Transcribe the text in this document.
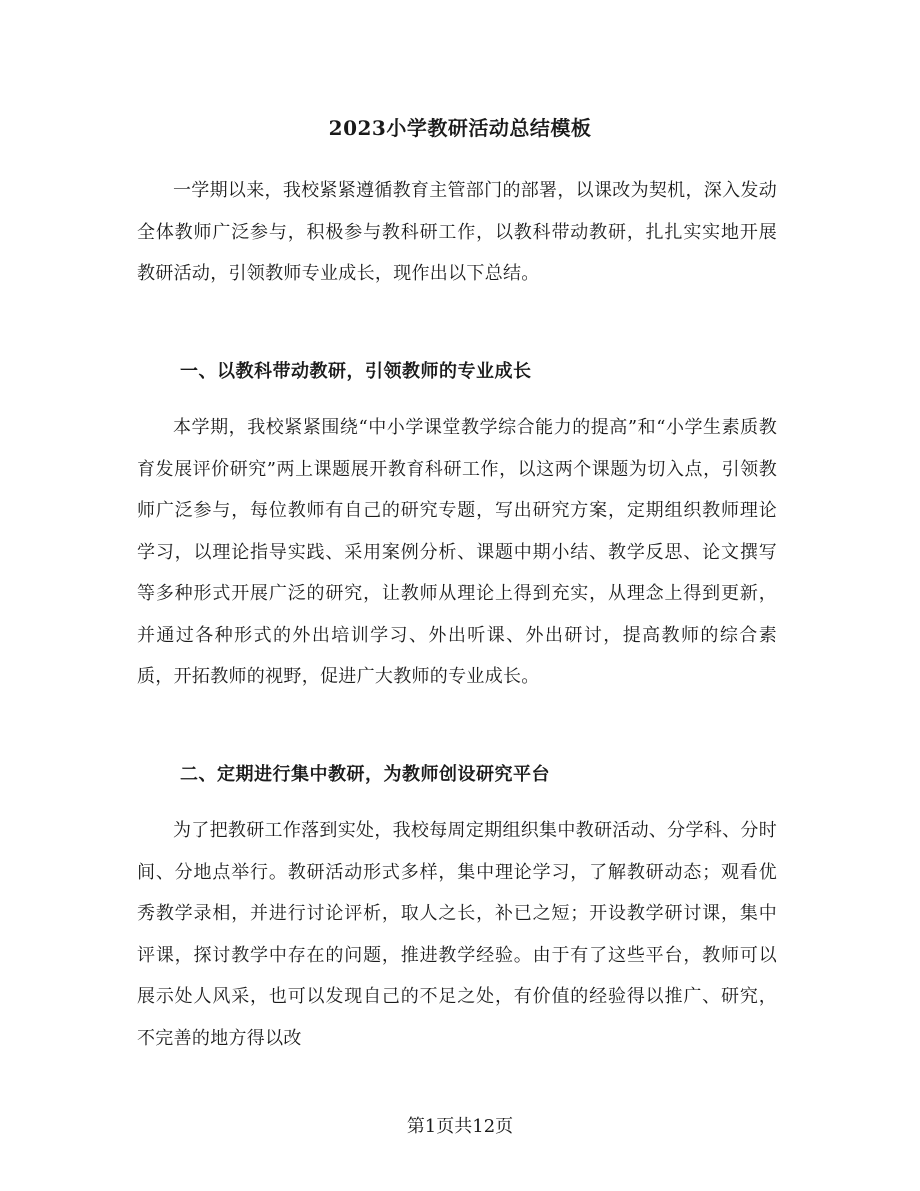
2023小学教研活动总结模板

一学期以来，我校紧紧遵循教育主管部门的部署，以课改为契机，深入发动全体教师广泛参与，积极参与教科研工作，以教科带动教研，扎扎实实地开展教研活动，引领教师专业成长，现作出以下总结。

一、以教科带动教研，引领教师的专业成长

本学期，我校紧紧围绕“中小学课堂教学综合能力的提高”和“小学生素质教育发展评价研究”两上课题展开教育科研工作，以这两个课题为切入点，引领教师广泛参与，每位教师有自己的研究专题，写出研究方案，定期组织教师理论学习，以理论指导实践、采用案例分析、课题中期小结、教学反思、论文撰写等多种形式开展广泛的研究，让教师从理论上得到充实，从理念上得到更新，并通过各种形式的外出培训学习、外出听课、外出研讨，提高教师的综合素质，开拓教师的视野，促进广大教师的专业成长。

二、定期进行集中教研，为教师创设研究平台

为了把教研工作落到实处，我校每周定期组织集中教研活动、分学科、分时间、分地点举行。教研活动形式多样，集中理论学习，了解教研动态；观看优秀教学录相，并进行讨论评析，取人之长，补已之短；开设教学研讨课，集中评课，探讨教学中存在的问题，推进教学经验。由于有了这些平台，教师可以展示处人风采，也可以发现自己的不足之处，有价值的经验得以推广、研究，不完善的地方得以改

第1页共12页
